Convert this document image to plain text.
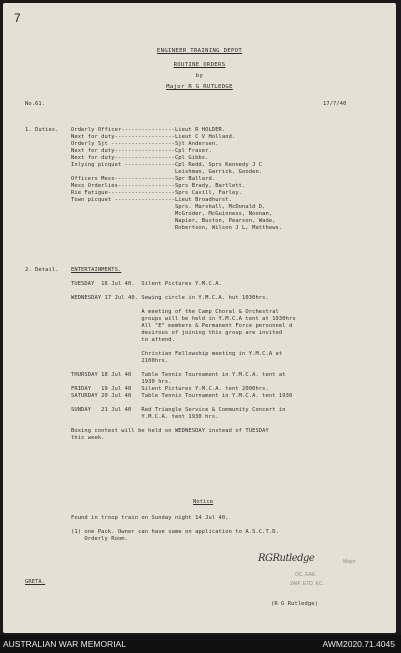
7
ENGINEER TRAINING DEPOT
ROUTINE ORDERS
by
Major R G RUTLEDGE
No.61.	17/7/40
1. Duties. Orderly Officer----------------Lieut R HOLDER.
Next for duty------------------Lieut C V Holland.
Orderly Sjt -------------------Sjt Andersen.
Next for duty------------------Cpl Fraser.
Next for duty------------------Cpl Gibbs.
Inlying picquet ---------------Cpl Redd, Sprs Kennedy J C
Leishman, Garrick, Gooden.
Officers Mess------------------Spr Ballard.
Mess Orderlies-----------------Sprs Brady, Bartlett.
Rie Fatigue--------------------Sprs Cavill, Farley.
Town picquet ------------------Lieut Broadhurst.
Sprs. Marshall, McDonald D,
McGroder, McGuinness, Noonan,
Napier, Buxton, Pearson, Wade,
Robertson, Wilson J L, Matthews.
2. Detail. ENTERTAINMENTS.
TUESDAY  16 Jul 40.  Silent Pictures Y.M.C.A.

WEDNESDAY 17 Jul 40. Sewing circle in Y.M.C.A. hut 1030hrs.

A meeting of the Camp Choral & Orchestral
groups will be held in Y.M.C.A tent at 1930hrs
All "E" members & Permanent Force personnel d
desirous of joining this group are invited
to attend.

Christian Fellowship meeting in Y.M.C.A at
2100hrs.

THURSDAY 18 Jul 40   Table Tennis Tournament in Y.M.C.A. tent at
1930 hrs.
FRIDAY   19 Jul 40   Silent Pictures Y.M.C.A. tent 2000hrs.
SATURDAY 20 Jul 40   Table Tennis Tournament in Y.M.C.A. tent 1930

SUNDAY   21 Jul 40   Red Triangle Service & Community Concert in
Y.M.C.A. tent 1930 hrs.

Boxing contest will be held on WEDNESDAY instead of TUESDAY
this week.
Notice
Found in troop train on Sunday night 14 Jul 40,

(1) one Pack. Owner can have same on application to A.S.C.T.D.
Orderly Room.
GRETA.
RGRutledge	Major
OC. EAE.
2AIF. ETD. EC.
(R G Rutledge)
AUSTRALIAN WAR MEMORIAL	AWM2020.71.4045
